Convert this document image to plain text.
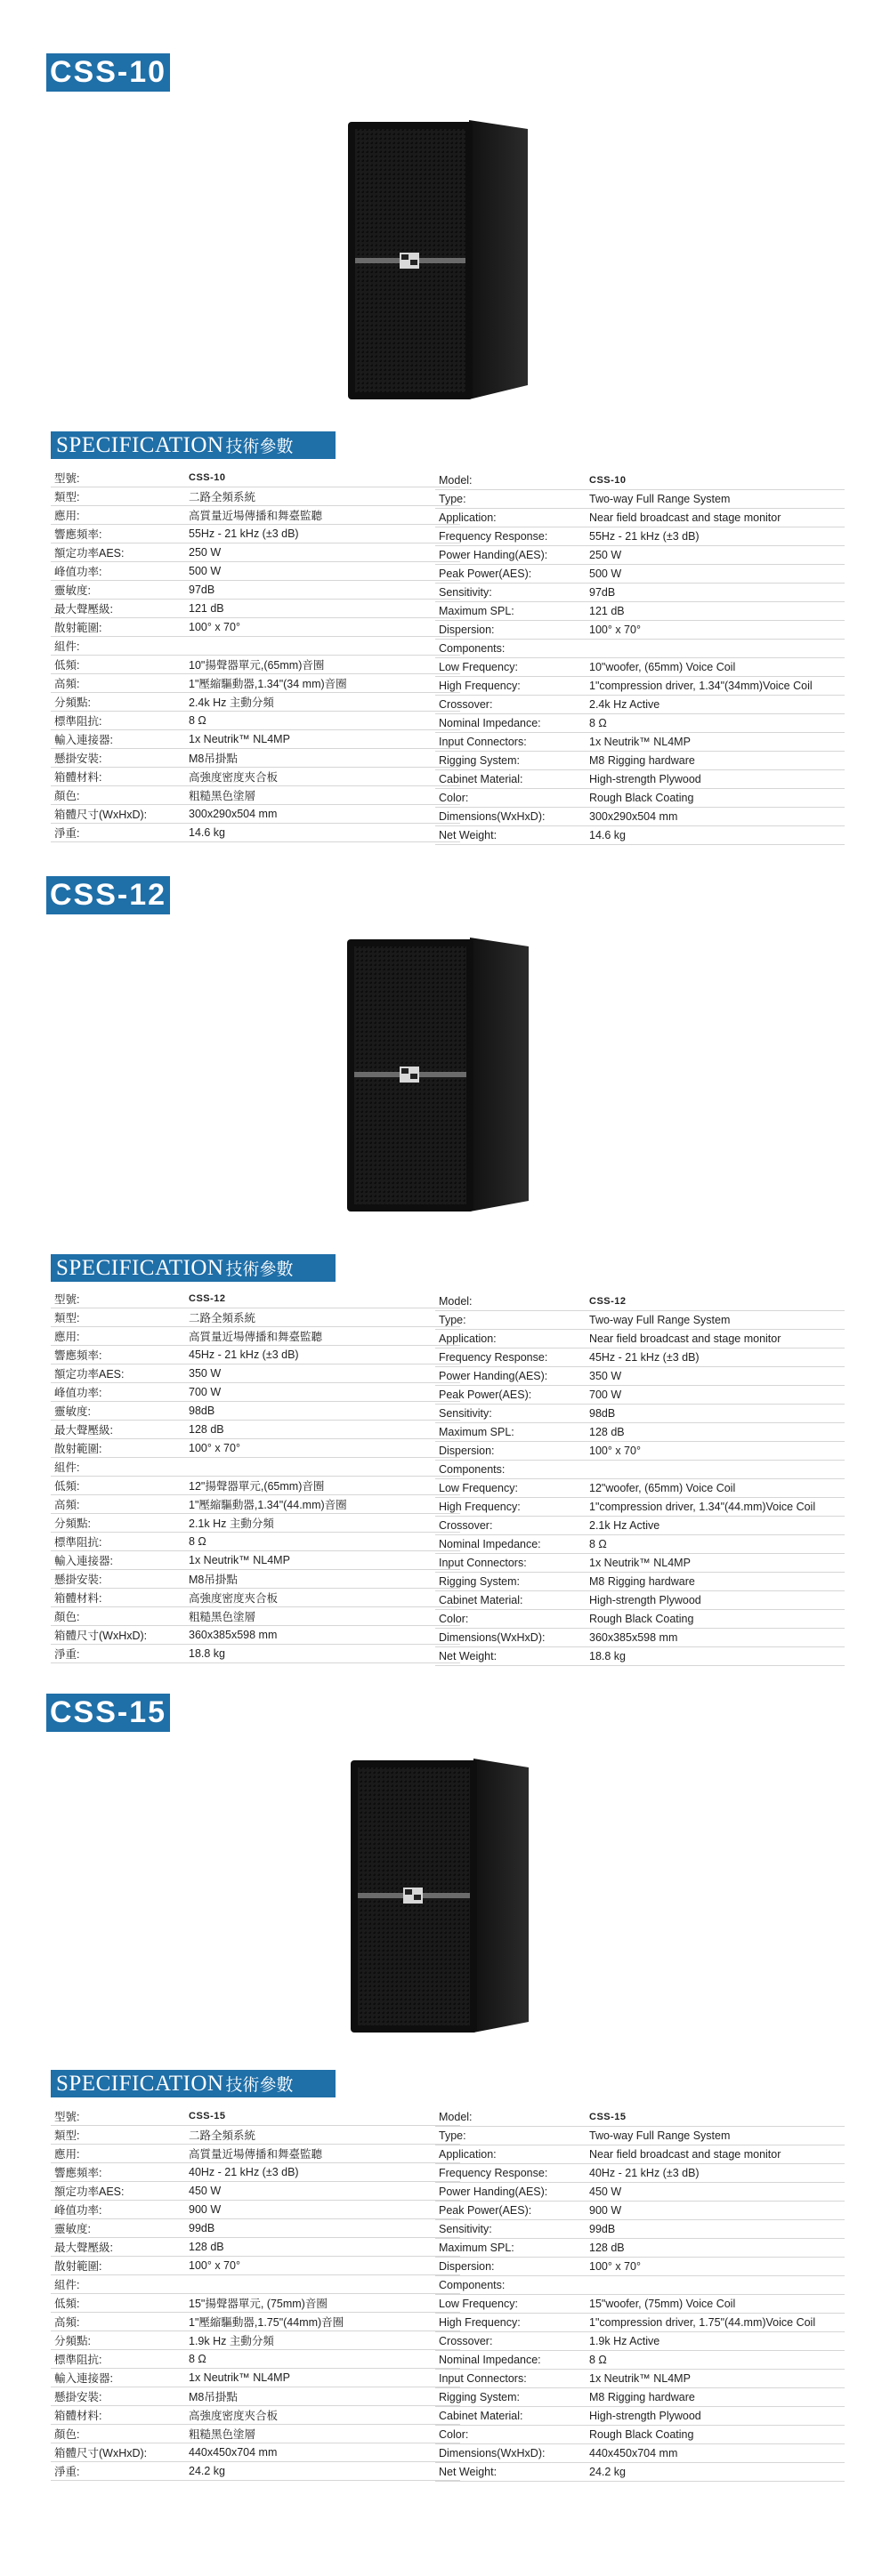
CSS-10
SPECIFICATION 技術參數
型號:	CSS-10
類型:	二路全頻系統
應用:	高質量近場傳播和舞臺監聽
響應頻率:	55Hz - 21 kHz (±3 dB)
額定功率AES:	250 W
峰值功率:	500 W
靈敏度:	97dB
最大聲壓級:	121 dB
散射範圍:	100° x 70°
組件:
低頻:	10"揚聲器單元,(65mm)音圈
高頻:	1"壓縮驅動器,1.34"(34 mm)音圈
分頻點:	2.4k Hz 主動分頻
標準阻抗:	8 Ω
輸入連接器:	1x Neutrik™ NL4MP
懸掛安裝:	M8吊掛點
箱體材料:	高強度密度夾合板
顏色:	粗糙黑色塗層
箱體尺寸(WxHxD):	300x290x504 mm
淨重:	14.6 kg
Model:	CSS-10
Type:	Two-way Full Range System
Application:	Near field broadcast and stage monitor
Frequency Response:	55Hz - 21 kHz (±3 dB)
Power Handing(AES):	250 W
Peak Power(AES):	500 W
Sensitivity:	97dB
Maximum SPL:	121 dB
Dispersion:	100° x 70°
Components:
Low Frequency:	10"woofer, (65mm) Voice Coil
High Frequency:	1"compression driver, 1.34"(34mm)Voice Coil
Crossover:	2.4k Hz Active
Nominal Impedance:	8 Ω
Input Connectors:	1x Neutrik™ NL4MP
Rigging System:	M8 Rigging hardware
Cabinet Material:	High-strength Plywood
Color:	Rough Black Coating
Dimensions(WxHxD):	300x290x504 mm
Net Weight:	14.6 kg
CSS-12
SPECIFICATION 技術參數
型號:	CSS-12
類型:	二路全頻系統
應用:	高質量近場傳播和舞臺監聽
響應頻率:	45Hz - 21 kHz (±3 dB)
額定功率AES:	350 W
峰值功率:	700 W
靈敏度:	98dB
最大聲壓級:	128 dB
散射範圍:	100° x 70°
組件:
低頻:	12"揚聲器單元,(65mm)音圈
高頻:	1"壓縮驅動器,1.34"(44.mm)音圈
分頻點:	2.1k Hz 主動分頻
標準阻抗:	8 Ω
輸入連接器:	1x Neutrik™ NL4MP
懸掛安裝:	M8吊掛點
箱體材料:	高強度密度夾合板
顏色:	粗糙黑色塗層
箱體尺寸(WxHxD):	360x385x598 mm
淨重:	18.8 kg
Model:	CSS-12
Type:	Two-way Full Range System
Application:	Near field broadcast and stage monitor
Frequency Response:	45Hz - 21 kHz (±3 dB)
Power Handing(AES):	350 W
Peak Power(AES):	700 W
Sensitivity:	98dB
Maximum SPL:	128 dB
Dispersion:	100° x 70°
Components:
Low Frequency:	12"woofer, (65mm) Voice Coil
High Frequency:	1"compression driver, 1.34"(44.mm)Voice Coil
Crossover:	2.1k Hz Active
Nominal Impedance:	8 Ω
Input Connectors:	1x Neutrik™ NL4MP
Rigging System:	M8 Rigging hardware
Cabinet Material:	High-strength Plywood
Color:	Rough Black Coating
Dimensions(WxHxD):	360x385x598 mm
Net Weight:	18.8 kg
CSS-15
SPECIFICATION 技術參數
型號:	CSS-15
類型:	二路全頻系統
應用:	高質量近場傳播和舞臺監聽
響應頻率:	40Hz - 21 kHz (±3 dB)
額定功率AES:	450 W
峰值功率:	900 W
靈敏度:	99dB
最大聲壓級:	128 dB
散射範圍:	100° x 70°
組件:
低頻:	15"揚聲器單元, (75mm)音圈
高頻:	1"壓縮驅動器,1.75"(44mm)音圈
分頻點:	1.9k Hz 主動分頻
標準阻抗:	8 Ω
輸入連接器:	1x Neutrik™ NL4MP
懸掛安裝:	M8吊掛點
箱體材料:	高強度密度夾合板
顏色:	粗糙黑色塗層
箱體尺寸(WxHxD):	440x450x704 mm
淨重:	24.2 kg
Model:	CSS-15
Type:	Two-way Full Range System
Application:	Near field broadcast and stage monitor
Frequency Response:	40Hz - 21 kHz (±3 dB)
Power Handing(AES):	450 W
Peak Power(AES):	900 W
Sensitivity:	99dB
Maximum SPL:	128 dB
Dispersion:	100° x 70°
Components:
Low Frequency:	15"woofer, (75mm) Voice Coil
High Frequency:	1"compression driver, 1.75"(44.mm)Voice Coil
Crossover:	1.9k Hz Active
Nominal Impedance:	8 Ω
Input Connectors:	1x Neutrik™ NL4MP
Rigging System:	M8 Rigging hardware
Cabinet Material:	High-strength Plywood
Color:	Rough Black Coating
Dimensions(WxHxD):	440x450x704 mm
Net Weight:	24.2 kg
